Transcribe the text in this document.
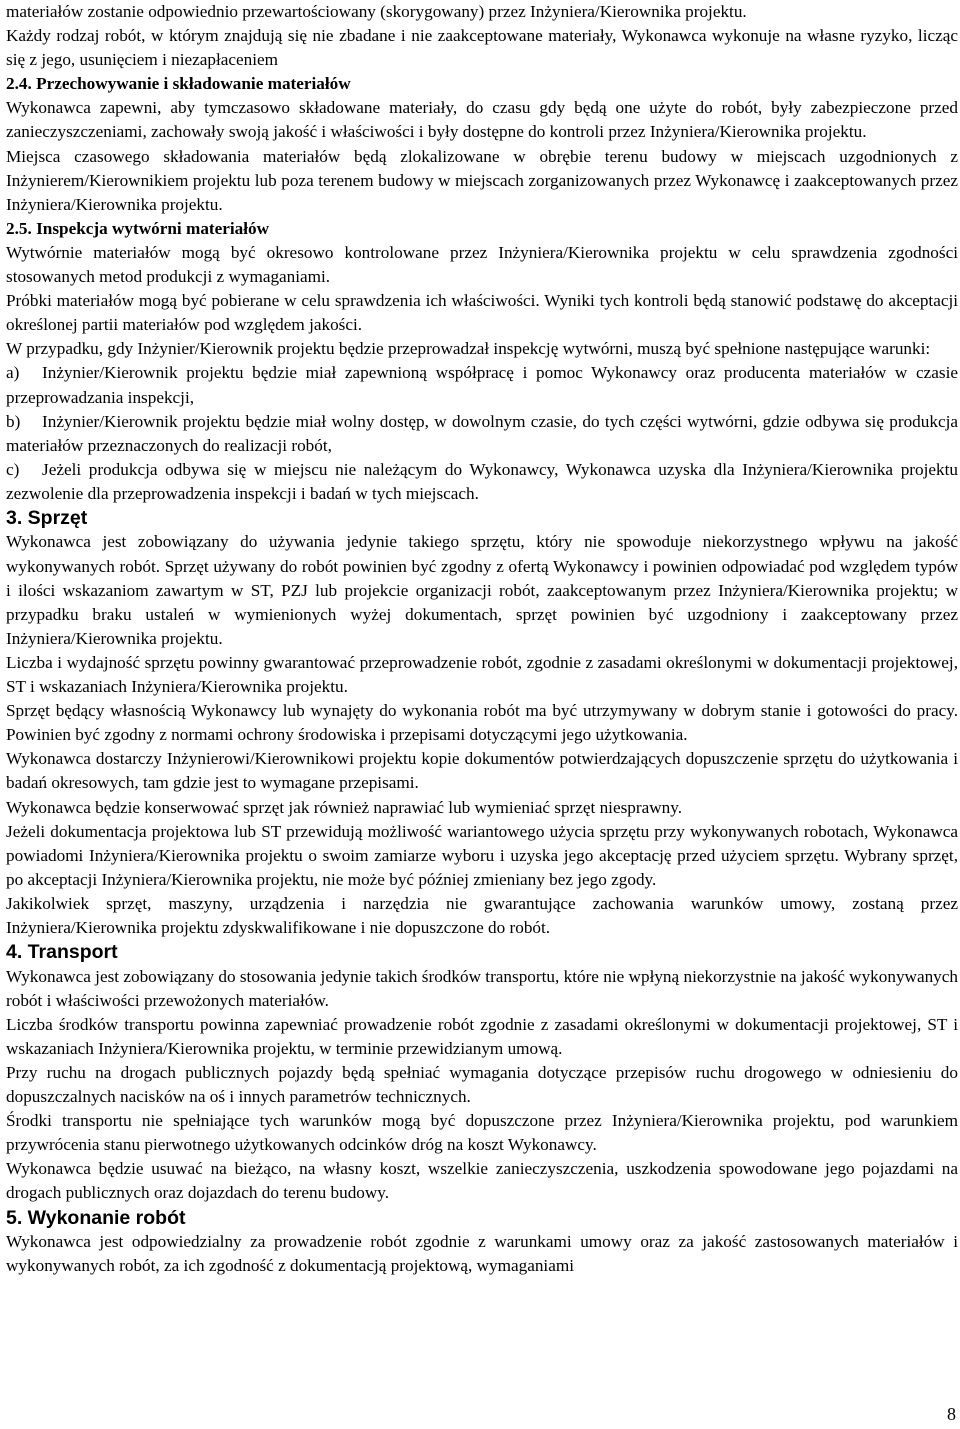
materiałów zostanie odpowiednio przewartościowany (skorygowany) przez Inżyniera/Kierownika projektu.

Każdy rodzaj robót, w którym znajdują się nie zbadane i nie zaakceptowane materiały, Wykonawca wykonuje na własne ryzyko, licząc się z jego, usunięciem i niezapłaceniem

2.4. Przechowywanie i składowanie materiałów

Wykonawca zapewni, aby tymczasowo składowane materiały, do czasu gdy będą one użyte do robót, były zabezpieczone przed zanieczyszczeniami, zachowały swoją jakość i właściwości i były dostępne do kontroli przez Inżyniera/Kierownika projektu.

Miejsca czasowego składowania materiałów będą zlokalizowane w obrębie terenu budowy w miejscach uzgodnionych z Inżynierem/Kierownikiem projektu lub poza terenem budowy w miejscach zorganizowanych przez Wykonawcę i zaakceptowanych przez Inżyniera/Kierownika projektu.

2.5. Inspekcja wytwórni materiałów

Wytwórnie materiałów mogą być okresowo kontrolowane przez Inżyniera/Kierownika projektu w celu sprawdzenia zgodności stosowanych metod produkcji z wymaganiami.

Próbki materiałów mogą być pobierane w celu sprawdzenia ich właściwości. Wyniki tych kontroli będą stanowić podstawę do akceptacji określonej partii materiałów pod względem jakości.

W przypadku, gdy Inżynier/Kierownik projektu będzie przeprowadzał inspekcję wytwórni, muszą być spełnione następujące warunki:

a) Inżynier/Kierownik projektu będzie miał zapewnioną współpracę i pomoc Wykonawcy oraz producenta materiałów w czasie przeprowadzania inspekcji,

b) Inżynier/Kierownik projektu będzie miał wolny dostęp, w dowolnym czasie, do tych części wytwórni, gdzie odbywa się produkcja materiałów przeznaczonych do realizacji robót,

c) Jeżeli produkcja odbywa się w miejscu nie należącym do Wykonawcy, Wykonawca uzyska dla Inżyniera/Kierownika projektu zezwolenie dla przeprowadzenia inspekcji i badań w tych miejscach.

3. Sprzęt

Wykonawca jest zobowiązany do używania jedynie takiego sprzętu, który nie spowoduje niekorzystnego wpływu na jakość wykonywanych robót. Sprzęt używany do robót powinien być zgodny z ofertą Wykonawcy i powinien odpowiadać pod względem typów i ilości wskazaniom zawartym w ST, PZJ lub projekcie organizacji robót, zaakceptowanym przez Inżyniera/Kierownika projektu; w przypadku braku ustaleń w wymienionych wyżej dokumentach, sprzęt powinien być uzgodniony i zaakceptowany przez Inżyniera/Kierownika projektu.

Liczba i wydajność sprzętu powinny gwarantować przeprowadzenie robót, zgodnie z zasadami określonymi w dokumentacji projektowej, ST i wskazaniach Inżyniera/Kierownika projektu.

Sprzęt będący własnością Wykonawcy lub wynajęty do wykonania robót ma być utrzymywany w dobrym stanie i gotowości do pracy. Powinien być zgodny z normami ochrony środowiska i przepisami dotyczącymi jego użytkowania.

Wykonawca dostarczy Inżynierowi/Kierownikowi projektu kopie dokumentów potwierdzających dopuszczenie sprzętu do użytkowania i badań okresowych, tam gdzie jest to wymagane przepisami.

Wykonawca będzie konserwować sprzęt jak również naprawiać lub wymieniać sprzęt niesprawny.

Jeżeli dokumentacja projektowa lub ST przewidują możliwość wariantowego użycia sprzętu przy wykonywanych robotach, Wykonawca powiadomi Inżyniera/Kierownika projektu o swoim zamiarze wyboru i uzyska jego akceptację przed użyciem sprzętu. Wybrany sprzęt, po akceptacji Inżyniera/Kierownika projektu, nie może być później zmieniany bez jego zgody.

Jakikolwiek sprzęt, maszyny, urządzenia i narzędzia nie gwarantujące zachowania warunków umowy, zostaną przez Inżyniera/Kierownika projektu zdyskwalifikowane i nie dopuszczone do robót.

4. Transport

Wykonawca jest zobowiązany do stosowania jedynie takich środków transportu, które nie wpłyną niekorzystnie na jakość wykonywanych robót i właściwości przewożonych materiałów.

Liczba środków transportu powinna zapewniać prowadzenie robót zgodnie z zasadami określonymi w dokumentacji projektowej, ST i wskazaniach Inżyniera/Kierownika projektu, w terminie przewidzianym umową.

Przy ruchu na drogach publicznych pojazdy będą spełniać wymagania dotyczące przepisów ruchu drogowego w odniesieniu do dopuszczalnych nacisków na oś i innych parametrów technicznych.

Środki transportu nie spełniające tych warunków mogą być dopuszczone przez Inżyniera/Kierownika projektu, pod warunkiem przywrócenia stanu pierwotnego użytkowanych odcinków dróg na koszt Wykonawcy.

Wykonawca będzie usuwać na bieżąco, na własny koszt, wszelkie zanieczyszczenia, uszkodzenia spowodowane jego pojazdami na drogach publicznych oraz dojazdach do terenu budowy.

5. Wykonanie robót

Wykonawca jest odpowiedzialny za prowadzenie robót zgodnie z warunkami umowy oraz za jakość zastosowanych materiałów i wykonywanych robót, za ich zgodność z dokumentacją projektową, wymaganiami

8
